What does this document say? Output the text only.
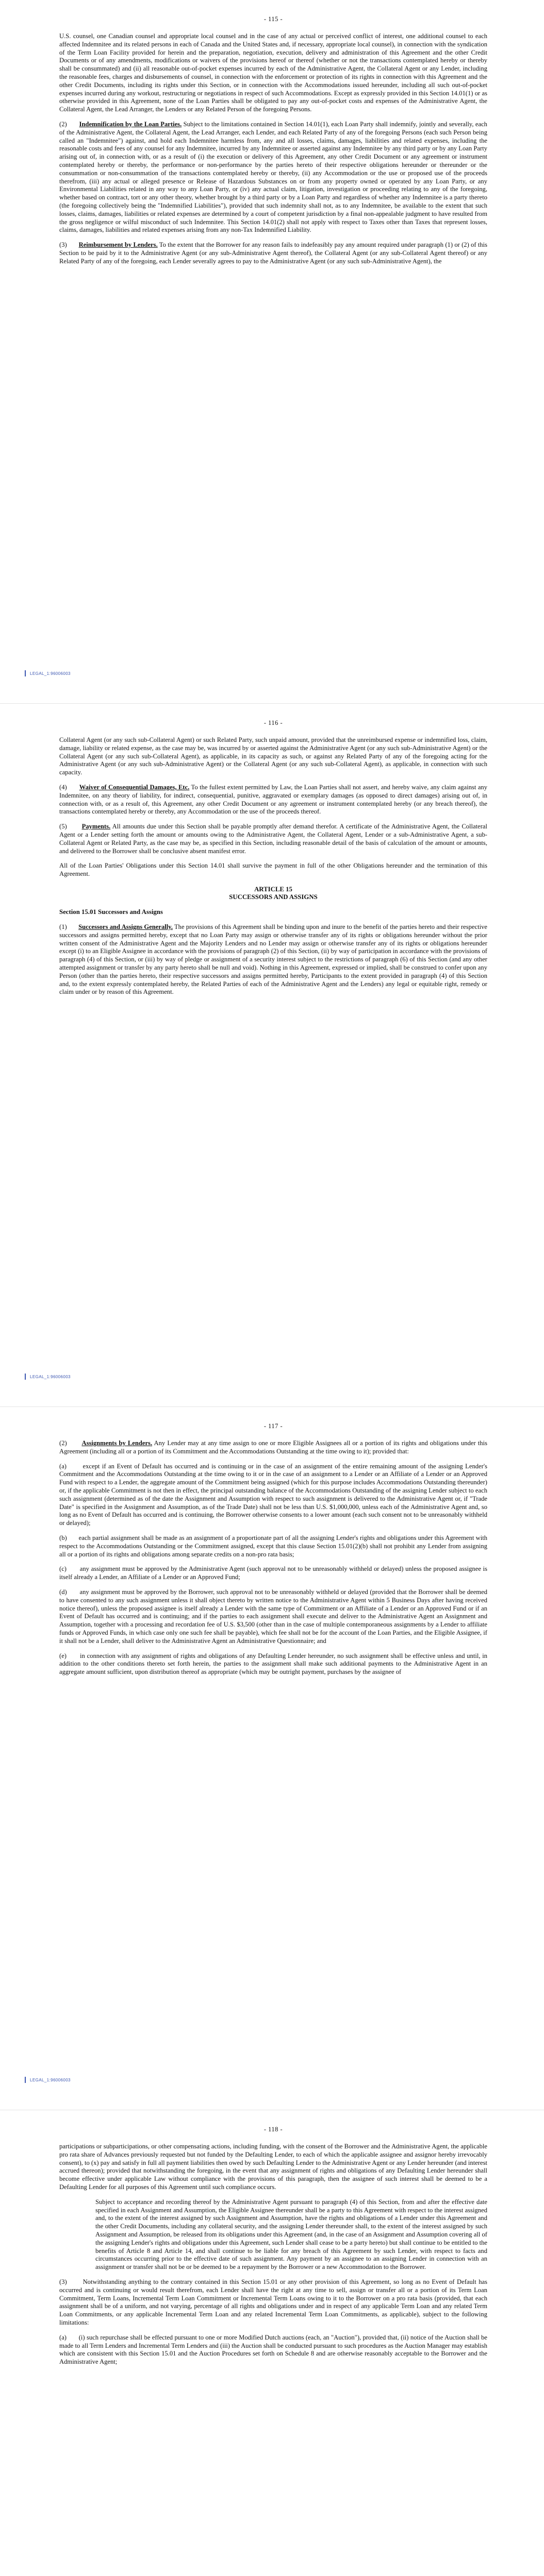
- 115 -

U.S. counsel, one Canadian counsel and appropriate local counsel and in the case of any actual or perceived conflict of interest, one additional counsel to each affected Indemnitee and its related persons in each of Canada and the United States and, if necessary, appropriate local counsel), in connection with the syndication of the Term Loan Facility provided for herein and the preparation, negotiation, execution, delivery and administration of this Agreement and the other Credit Documents or of any amendments, modifications or waivers of the provisions hereof or thereof (whether or not the transactions contemplated hereby or thereby shall be consummated) and (ii) all reasonable out-of-pocket expenses incurred by each of the Administrative Agent, the Collateral Agent or any Lender, including the reasonable fees, charges and disbursements of counsel, in connection with the enforcement or protection of its rights in connection with this Agreement and the other Credit Documents, including its rights under this Section, or in connection with the Accommodations issued hereunder, including all such out-of-pocket expenses incurred during any workout, restructuring or negotiations in respect of such Accommodations. Except as expressly provided in this Section 14.01(1) or as otherwise provided in this Agreement, none of the Loan Parties shall be obligated to pay any out-of-pocket costs and expenses of the Administrative Agent, the Collateral Agent, the Lead Arranger, the Lenders or any Related Person of the foregoing Persons.

(2) Indemnification by the Loan Parties. Subject to the limitations contained in Section 14.01(1), each Loan Party shall indemnify, jointly and severally, each of the Administrative Agent, the Collateral Agent, the Lead Arranger, each Lender, and each Related Party of any of the foregoing Persons (each such Person being called an "Indemnitee") against, and hold each Indemnitee harmless from, any and all losses, claims, damages, liabilities and related expenses, including the reasonable costs and fees of any counsel for any Indemnitee, incurred by any Indemnitee or asserted against any Indemnitee by any third party or by any Loan Party arising out of, in connection with, or as a result of (i) the execution or delivery of this Agreement, any other Credit Document or any agreement or instrument contemplated hereby or thereby, the performance or non-performance by the parties hereto of their respective obligations hereunder or thereunder or the consummation or non-consummation of the transactions contemplated hereby or thereby, (ii) any Accommodation or the use or proposed use of the proceeds therefrom, (iii) any actual or alleged presence or Release of Hazardous Substances on or from any property owned or operated by any Loan Party, or any Environmental Liabilities related in any way to any Loan Party, or (iv) any actual claim, litigation, investigation or proceeding relating to any of the foregoing, whether based on contract, tort or any other theory, whether brought by a third party or by a Loan Party and regardless of whether any Indemnitee is a party thereto (the foregoing collectively being the "Indemnified Liabilities"), provided that such indemnity shall not, as to any Indemnitee, be available to the extent that such losses, claims, damages, liabilities or related expenses are determined by a court of competent jurisdiction by a final non-appealable judgment to have resulted from the gross negligence or wilful misconduct of such Indemnitee. This Section 14.01(2) shall not apply with respect to Taxes other than Taxes that represent losses, claims, damages, liabilities and related expenses arising from any non-Tax Indemnified Liability.

(3) Reimbursement by Lenders. To the extent that the Borrower for any reason fails to indefeasibly pay any amount required under paragraph (1) or (2) of this Section to be paid by it to the Administrative Agent (or any sub-Administrative Agent thereof), the Collateral Agent (or any sub-Collateral Agent thereof) or any Related Party of any of the foregoing, each Lender severally agrees to pay to the Administrative Agent (or any such sub-Administrative Agent), the

LEGAL_1:96006003
- 116 -

Collateral Agent (or any such sub-Collateral Agent) or such Related Party, such unpaid amount, provided that the unreimbursed expense or indemnified loss, claim, damage, liability or related expense, as the case may be, was incurred by or asserted against the Administrative Agent (or any such sub-Administrative Agent) or the Collateral Agent (or any such sub-Collateral Agent), as applicable, in its capacity as such, or against any Related Party of any of the foregoing acting for the Administrative Agent (or any such sub-Administrative Agent) or the Collateral Agent (or any such sub-Collateral Agent), as applicable, in connection with such capacity.

(4) Waiver of Consequential Damages, Etc. To the fullest extent permitted by Law, the Loan Parties shall not assert, and hereby waive, any claim against any Indemnitee, on any theory of liability, for indirect, consequential, punitive, aggravated or exemplary damages (as opposed to direct damages) arising out of, in connection with, or as a result of, this Agreement, any other Credit Document or any agreement or instrument contemplated hereby (or any breach thereof), the transactions contemplated hereby or thereby, any Accommodation or the use of the proceeds thereof.

(5) Payments. All amounts due under this Section shall be payable promptly after demand therefor. A certificate of the Administrative Agent, the Collateral Agent or a Lender setting forth the amount or amounts owing to the Administrative Agent, the Collateral Agent, Lender or a sub-Administrative Agent, a sub-Collateral Agent or Related Party, as the case may be, as specified in this Section, including reasonable detail of the basis of calculation of the amount or amounts, and delivered to the Borrower shall be conclusive absent manifest error.

All of the Loan Parties' Obligations under this Section 14.01 shall survive the payment in full of the other Obligations hereunder and the termination of this Agreement.

ARTICLE 15
SUCCESSORS AND ASSIGNS
Section 15.01 Successors and Assigns

(1) Successors and Assigns Generally. The provisions of this Agreement shall be binding upon and inure to the benefit of the parties hereto and their respective successors and assigns permitted hereby, except that no Loan Party may assign or otherwise transfer any of its rights or obligations hereunder without the prior written consent of the Administrative Agent and the Majority Lenders and no Lender may assign or otherwise transfer any of its rights or obligations hereunder except (i) to an Eligible Assignee in accordance with the provisions of paragraph (2) of this Section, (ii) by way of participation in accordance with the provisions of paragraph (4) of this Section, or (iii) by way of pledge or assignment of a security interest subject to the restrictions of paragraph (6) of this Section (and any other attempted assignment or transfer by any party hereto shall be null and void). Nothing in this Agreement, expressed or implied, shall be construed to confer upon any Person (other than the parties hereto, their respective successors and assigns permitted hereby, Participants to the extent provided in paragraph (4) of this Section and, to the extent expressly contemplated hereby, the Related Parties of each of the Administrative Agent and the Lenders) any legal or equitable right, remedy or claim under or by reason of this Agreement.

LEGAL_1:96006003
- 117 -

(2) Assignments by Lenders. Any Lender may at any time assign to one or more Eligible Assignees all or a portion of its rights and obligations under this Agreement (including all or a portion of its Commitment and the Accommodations Outstanding at the time owing to it); provided that:

(a)	except if an Event of Default has occurred and is continuing or in the case of an assignment of the entire remaining amount of the assigning Lender's Commitment and the Accommodations Outstanding at the time owing to it or in the case of an assignment to a Lender or an Affiliate of a Lender or an Approved Fund with respect to a Lender, the aggregate amount of the Commitment being assigned (which for this purpose includes Accommodations Outstanding thereunder) or, if the applicable Commitment is not then in effect, the principal outstanding balance of the Accommodations Outstanding of the assigning Lender subject to each such assignment (determined as of the date the Assignment and Assumption with respect to such assignment is delivered to the Administrative Agent or, if "Trade Date" is specified in the Assignment and Assumption, as of the Trade Date) shall not be less than U.S. $1,000,000, unless each of the Administrative Agent and, so long as no Event of Default has occurred and is continuing, the Borrower otherwise consents to a lower amount (each such consent not to be unreasonably withheld or delayed);

(b) each partial assignment shall be made as an assignment of a proportionate part of all the assigning Lender's rights and obligations under this Agreement with respect to the Accommodations Outstanding or the Commitment assigned, except that this clause Section 15.01(2)(b) shall not prohibit any Lender from assigning all or a portion of its rights and obligations among separate credits on a non-pro rata basis;

(c) any assignment must be approved by the Administrative Agent (such approval not to be unreasonably withheld or delayed) unless the proposed assignee is itself already a Lender, an Affiliate of a Lender or an Approved Fund;

(d) any assignment must be approved by the Borrower, such approval not to be unreasonably withheld or delayed (provided that the Borrower shall be deemed to have consented to any such assignment unless it shall object thereto by written notice to the Administrative Agent within 5 Business Days after having received notice thereof), unless the proposed assignee is itself already a Lender with the same type of Commitment or an Affiliate of a Lender or an Approved Fund or if an Event of Default has occurred and is continuing; and if the parties to each assignment shall execute and deliver to the Administrative Agent an Assignment and Assumption, together with a processing and recordation fee of U.S. $3,500 (other than in the case of multiple contemporaneous assignments by a Lender to affiliate funds or Approved Funds, in which case only one such fee shall be payable), which fee shall not be for the account of the Loan Parties, and the Eligible Assignee, if it shall not be a Lender, shall deliver to the Administrative Agent an Administrative Questionnaire; and

(e) in connection with any assignment of rights and obligations of any Defaulting Lender hereunder, no such assignment shall be effective unless and until, in addition to the other conditions thereto set forth herein, the parties to the assignment shall make such additional payments to the Administrative Agent in an aggregate amount sufficient, upon distribution thereof as appropriate (which may be outright payment, purchases by the assignee of

LEGAL_1:96006003
- 118 -

participations or subparticipations, or other compensating actions, including funding, with the consent of the Borrower and the Administrative Agent, the applicable pro rata share of Advances previously requested but not funded by the Defaulting Lender, to each of which the applicable assignee and assignor hereby irrevocably consent), to (x) pay and satisfy in full all payment liabilities then owed by such Defaulting Lender to the Administrative Agent or any Lender hereunder (and interest accrued thereon); provided that notwithstanding the foregoing, in the event that any assignment of rights and obligations of any Defaulting Lender hereunder shall become effective under applicable Law without compliance with the provisions of this paragraph, then the assignee of such interest shall be deemed to be a Defaulting Lender for all purposes of this Agreement until such compliance occurs.

Subject to acceptance and recording thereof by the Administrative Agent pursuant to paragraph (4) of this Section, from and after the effective date specified in each Assignment and Assumption, the Eligible Assignee thereunder shall be a party to this Agreement with respect to the interest assigned and, to the extent of the interest assigned by such Assignment and Assumption, have the rights and obligations of a Lender under this Agreement and the other Credit Documents, including any collateral security, and the assigning Lender thereunder shall, to the extent of the interest assigned by such Assignment and Assumption, be released from its obligations under this Agreement (and, in the case of an Assignment and Assumption covering all of the assigning Lender's rights and obligations under this Agreement, such Lender shall cease to be a party hereto) but shall continue to be entitled to the benefits of Article 8 and Article 14, and shall continue to be liable for any breach of this Agreement by such Lender, with respect to facts and circumstances occurring prior to the effective date of such assignment. Any payment by an assignee to an assigning Lender in connection with an assignment or transfer shall not be or be deemed to be a repayment by the Borrower or a new Accommodation to the Borrower.

(3) Notwithstanding anything to the contrary contained in this Section 15.01 or any other provision of this Agreement, so long as no Event of Default has occurred and is continuing or would result therefrom, each Lender shall have the right at any time to sell, assign or transfer all or a portion of its Term Loan Commitment, Term Loans, Incremental Term Loan Commitment or Incremental Term Loans owing to it to the Borrower on a pro rata basis (provided, that each assignment shall be of a uniform, and not varying, percentage of all rights and obligations under and in respect of any applicable Term Loan and any related Term Loan Commitments, or any applicable Incremental Term Loan and any related Incremental Term Loan Commitments, as applicable), subject to the following limitations:

(a) (i) such repurchase shall be effected pursuant to one or more Modified Dutch auctions (each, an "Auction"), provided that, (ii) notice of the Auction shall be made to all Term Lenders and Incremental Term Lenders and (iii) the Auction shall be conducted pursuant to such procedures as the Auction Manager may establish which are consistent with this Section 15.01 and the Auction Procedures set forth on Schedule 8 and are otherwise reasonably acceptable to the Borrower and the Administrative Agent;
